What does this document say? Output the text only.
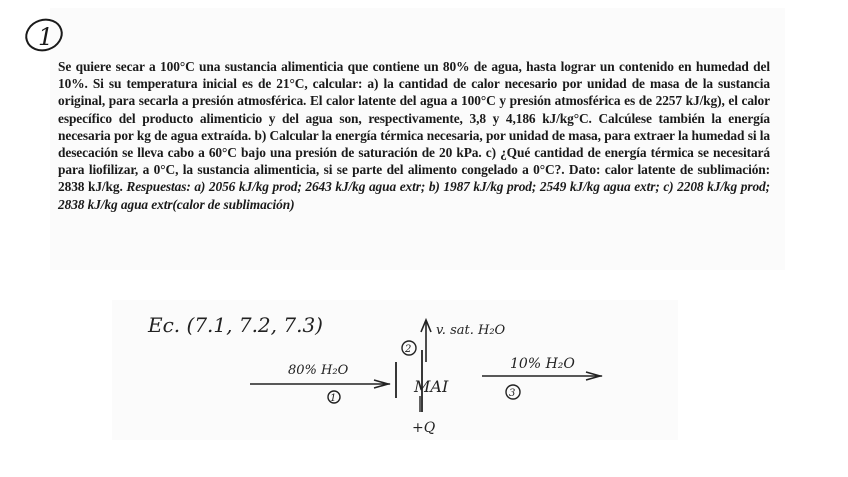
1
Se quiere secar a 100°C una sustancia alimenticia que contiene un 80% de agua, hasta lograr un contenido en humedad del 10%. Si su temperatura inicial es de 21°C, calcular: a) la cantidad de calor necesario por unidad de masa de la sustancia original, para secarla a presión atmosférica. El calor latente del agua a 100°C y presión atmosférica es de 2257 kJ/kg), el calor específico del producto alimenticio y del agua son, respectivamente, 3,8 y 4,186 kJ/kg°C. Calcúlese también la energía necesaria por kg de agua extraída. b) Calcular la energía térmica necesaria, por unidad de masa, para extraer la humedad si la desecación se lleva cabo a 60°C bajo una presión de saturación de 20 kPa. c) ¿Qué cantidad de energía térmica se necesitará para liofilizar, a 0°C, la sustancia alimenticia, si se parte del alimento congelado a 0°C?. Dato: calor latente de sublimación: 2838 kJ/kg. Respuestas: a) 2056 kJ/kg prod; 2643 kJ/kg agua extr; b) 1987 kJ/kg prod; 2549 kJ/kg agua extr; c) 2208 kJ/kg prod; 2838 kJ/kg agua extr(calor de sublimación)
Ec. (7.1, 7.2, 7.3)
80% H₂O
1
MAI
v. sat. H₂O
2
10% H₂O
3
+Q
